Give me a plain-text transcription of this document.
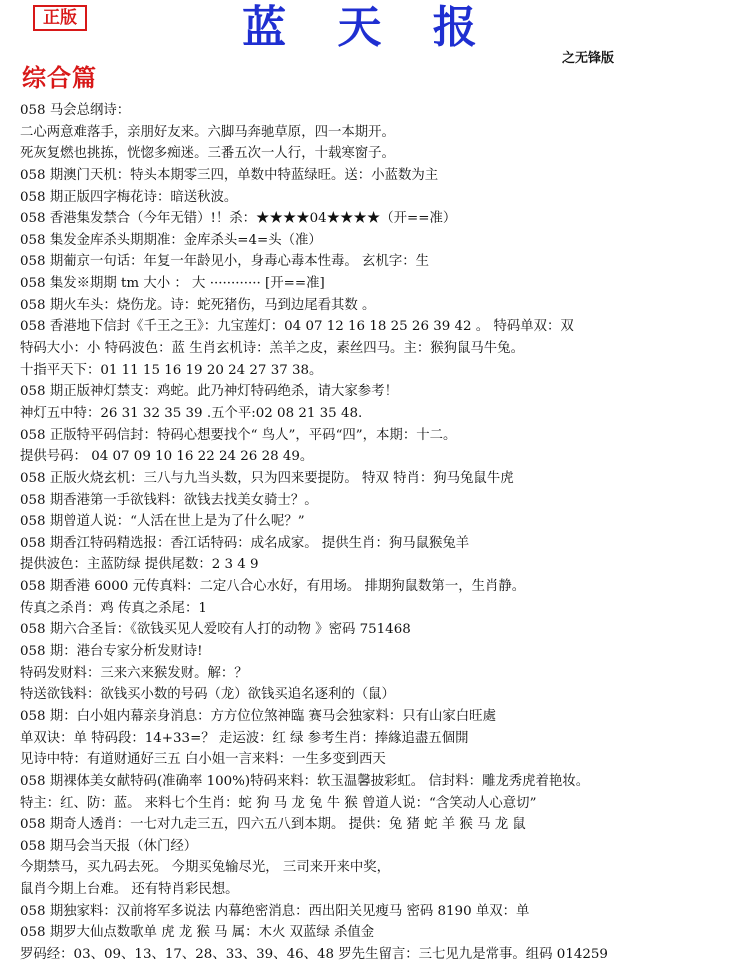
正版	蓝 天 报
之无锋版
综合篇
058 马会总纲诗：
二心两意难落手，亲朋好友来。六脚马奔驰草原，四一本期开。
死灰复燃也挑拣，恍惚多痴迷。三番五次一人行，十载寒窗子。
058 期澳门天机：特头本期零三四，单数中特蓝绿旺。送：小蓝数为主
058 期正版四字梅花诗：暗送秋波。
058 香港集发禁合（今年无错）!！杀：★★★★04★★★★（开==准）
058 集发金库杀头期期准：金库杀头=4=头（准）
058 期葡京一句话：年复一年龄见小，身毒心毒本性毒。 玄机字：生
058 集发※期期 tm 大小 ： 大 ············ [开==准]
058 期火车头：烧伤龙。诗：蛇死猪伤，马到边尾看其数 。
058 香港地下信封《千王之王》：九宝莲灯：04 07 12 16 18 25 26 39 42 。 特码单双：双
特码大小：小 特码波色：蓝 生肖玄机诗：羔羊之皮，素丝四马。主：猴狗鼠马牛兔。
十指平天下：01 11 15 16 19 20 24 27 37 38。
058 期正版神灯禁支：鸡蛇。此乃神灯特码绝杀，请大家参考！
神灯五中特：26 31 32 35 39 .五个平:02 08 21 35 48.
058 正版特平码信封：特码心想要找个“ 鸟人”，平码“四”，本期：十二。
提供号码： 04 07 09 10 16 22 24 26 28 49。
058 正版火烧玄机：三八与九当头数，只为四来要提防。 特双 特肖：狗马兔鼠牛虎
058 期香港第一手欲钱料：欲钱去找美女骑士？。
058 期曾道人说：“人活在世上是为了什么呢？”
058 期香江特码精选报：香江话特码：成名成家。 提供生肖：狗马鼠猴兔羊
提供波色：主蓝防绿 提供尾数：2 3 4 9
058 期香港 6000 元传真料：二定八合心水好，有用场。 排期狗鼠数第一，生肖静。
传真之杀肖：鸡 传真之杀尾：1
058 期六合圣旨：《欲钱买见人爱咬有人打的动物 》密码 751468
058 期：港台专家分析发财诗!
特码发财料：三来六来猴发财。解：？
特送欲钱料：欲钱买小数的号码（龙）欲钱买追名逐利的（鼠）
058 期：白小姐内幕亲身消息：方方位位煞神臨 赛马会独家料：只有山家白旺處
单双诀：单 特码段：14+33=？ 走运波：红 绿 参考生肖：捧緣追盡五個開
见诗中特：有道财通好三五 白小姐一言来料：一生多变到西天
058 期裸体美女献特码(准确率 100%)特码来料：软玉温馨披彩虹。 信封料：雕龙秀虎着艳妆。
特主：红、防：蓝。 来料七个生肖：蛇 狗 马 龙 兔 牛 猴 曾道人说：“含笑动人心意切”
058 期奇人透肖：一七对九走三五，四六五八到本期。 提供：兔 猪 蛇 羊 猴 马 龙 鼠
058 期马会当天报（休门经）
今期禁马，买九码去死。 今期买兔输尽光， 三司来开来中奖，
鼠肖今期上台难。 还有特肖彩民想。
058 期独家料：汉前将军多说法 内幕绝密消息：西出阳关见瘦马 密码 8190 单双：单
058 期罗大仙点数歌单 虎 龙 猴 马 属：木火 双蓝绿 杀值金
罗码经：03、09、13、17、28、33、39、46、48 罗先生留言：三七见九是常事。组码 014259
